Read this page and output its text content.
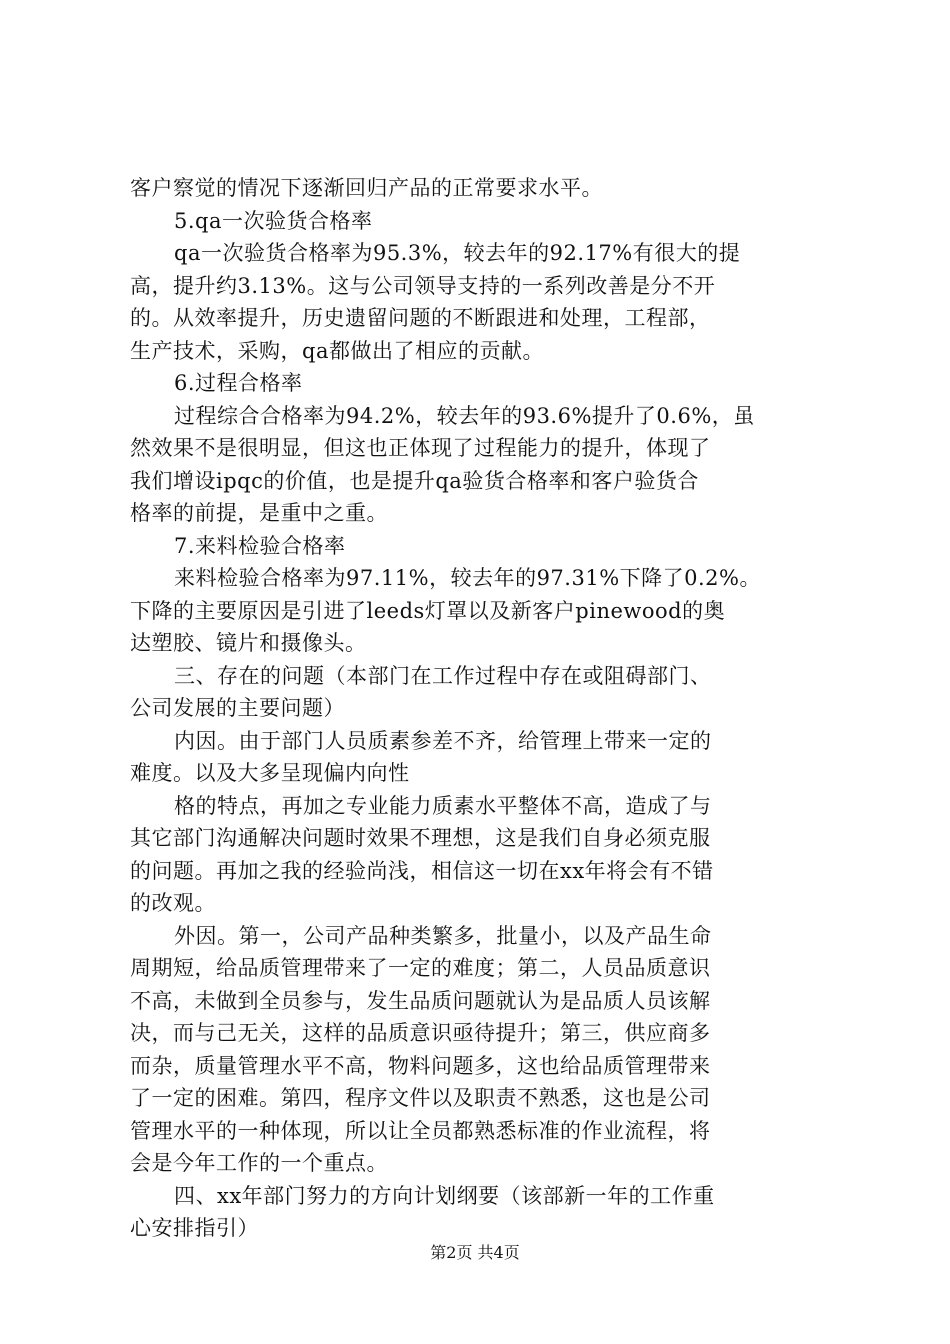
客户察觉的情况下逐渐回归产品的正常要求水平。
5.qa一次验货合格率
qa一次验货合格率为95.3%，较去年的92.17%有很大的提
高，提升约3.13%。这与公司领导支持的一系列改善是分不开
的。从效率提升，历史遗留问题的不断跟进和处理，工程部，
生产技术，采购，qa都做出了相应的贡献。
6.过程合格率
过程综合合格率为94.2%，较去年的93.6%提升了0.6%，虽
然效果不是很明显，但这也正体现了过程能力的提升，体现了
我们增设ipqc的价值，也是提升qa验货合格率和客户验货合
格率的前提，是重中之重。
7.来料检验合格率
来料检验合格率为97.11%，较去年的97.31%下降了0.2%。
下降的主要原因是引进了leeds灯罩以及新客户pinewood的奥
达塑胶、镜片和摄像头。
三、存在的问题（本部门在工作过程中存在或阻碍部门、
公司发展的主要问题）
内因。由于部门人员质素参差不齐，给管理上带来一定的
难度。以及大多呈现偏内向性
格的特点，再加之专业能力质素水平整体不高，造成了与
其它部门沟通解决问题时效果不理想，这是我们自身必须克服
的问题。再加之我的经验尚浅，相信这一切在xx年将会有不错
的改观。
外因。第一，公司产品种类繁多，批量小，以及产品生命
周期短，给品质管理带来了一定的难度；第二，人员品质意识
不高，未做到全员参与，发生品质问题就认为是品质人员该解
决，而与己无关，这样的品质意识亟待提升；第三，供应商多
而杂，质量管理水平不高，物料问题多，这也给品质管理带来
了一定的困难。第四，程序文件以及职责不熟悉，这也是公司
管理水平的一种体现，所以让全员都熟悉标准的作业流程，将
会是今年工作的一个重点。
四、xx年部门努力的方向计划纲要（该部新一年的工作重
心安排指引）
第2页 共4页
